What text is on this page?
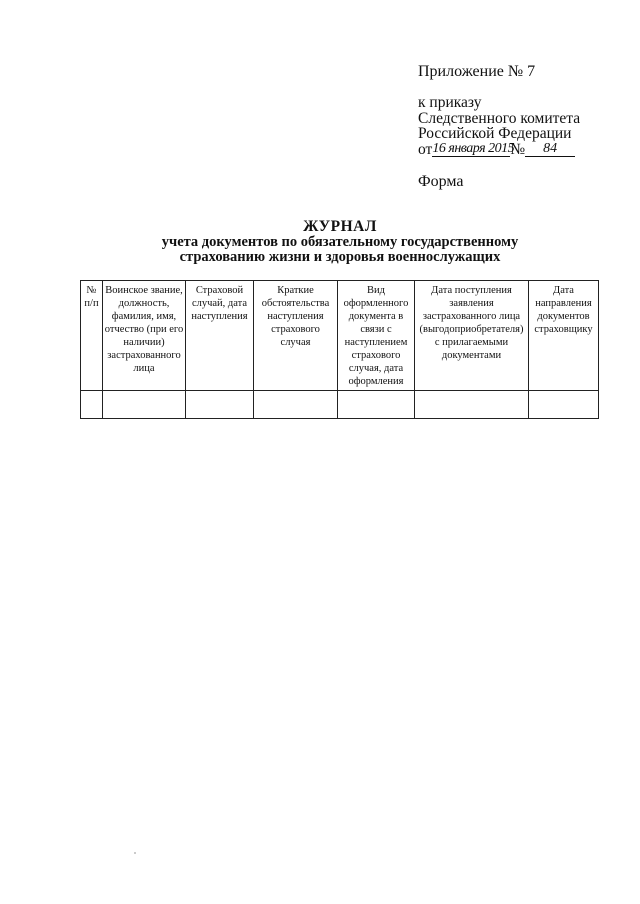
Приложение № 7
к приказу
Следственного комитета
Российской Федерации
от 16 января 2015
№	84
Форма
ЖУРНАЛ
учета документов по обязательному государственному
страхованию жизни и здоровья военнослужащих
№ п/п	Воинское звание, должность, фамилия, имя, отчество (при его наличии) застрахованного лица	Страховой случай, дата наступления	Краткие обстоятельства наступления страхового случая	Вид оформленного документа в связи с наступлением страхового случая, дата оформления	Дата поступления заявления застрахованного лица (выгодоприобретателя) с прилагаемыми документами	Дата направления документов страховщику
